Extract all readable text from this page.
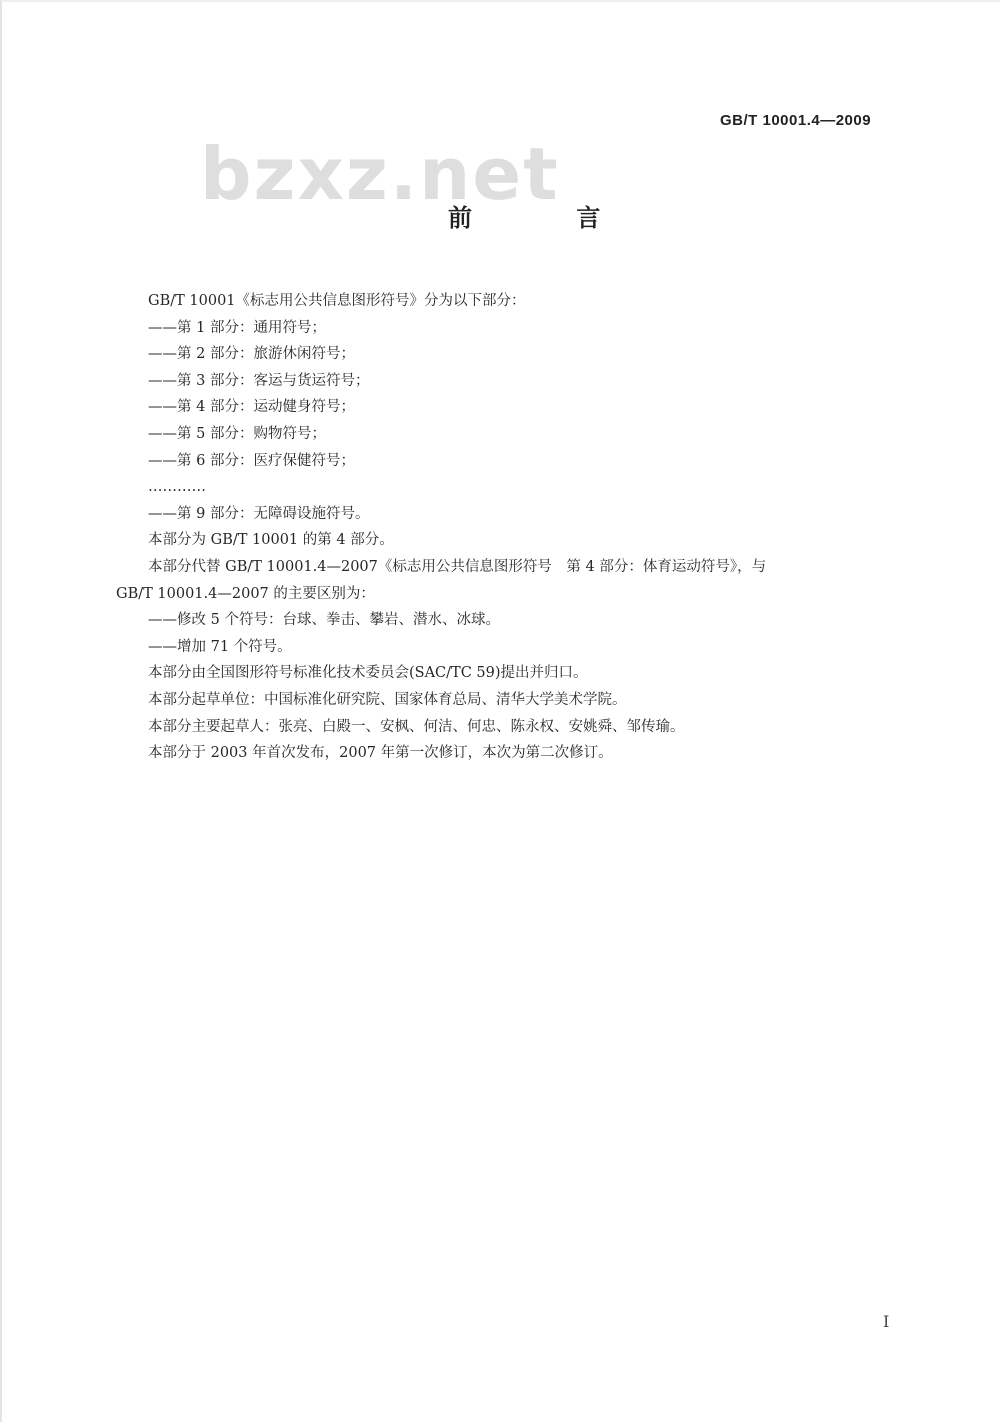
GB/T 10001.4—2009
bzxz.net
前 言
GB/T 10001《标志用公共信息图形符号》分为以下部分：
——第 1 部分：通用符号；
——第 2 部分：旅游休闲符号；
——第 3 部分：客运与货运符号；
——第 4 部分：运动健身符号；
——第 5 部分：购物符号；
——第 6 部分：医疗保健符号；
…………
——第 9 部分：无障碍设施符号。
本部分为 GB/T 10001 的第 4 部分。
本部分代替 GB/T 10001.4—2007《标志用公共信息图形符号　第 4 部分：体育运动符号》，与
GB/T 10001.4—2007 的主要区别为：
——修改 5 个符号：台球、拳击、攀岩、潜水、冰球。
——增加 71 个符号。
本部分由全国图形符号标准化技术委员会(SAC/TC 59)提出并归口。
本部分起草单位：中国标准化研究院、国家体育总局、清华大学美术学院。
本部分主要起草人：张亮、白殿一、安枫、何洁、何忠、陈永权、安姚舜、邹传瑜。
本部分于 2003 年首次发布，2007 年第一次修订，本次为第二次修订。
I
